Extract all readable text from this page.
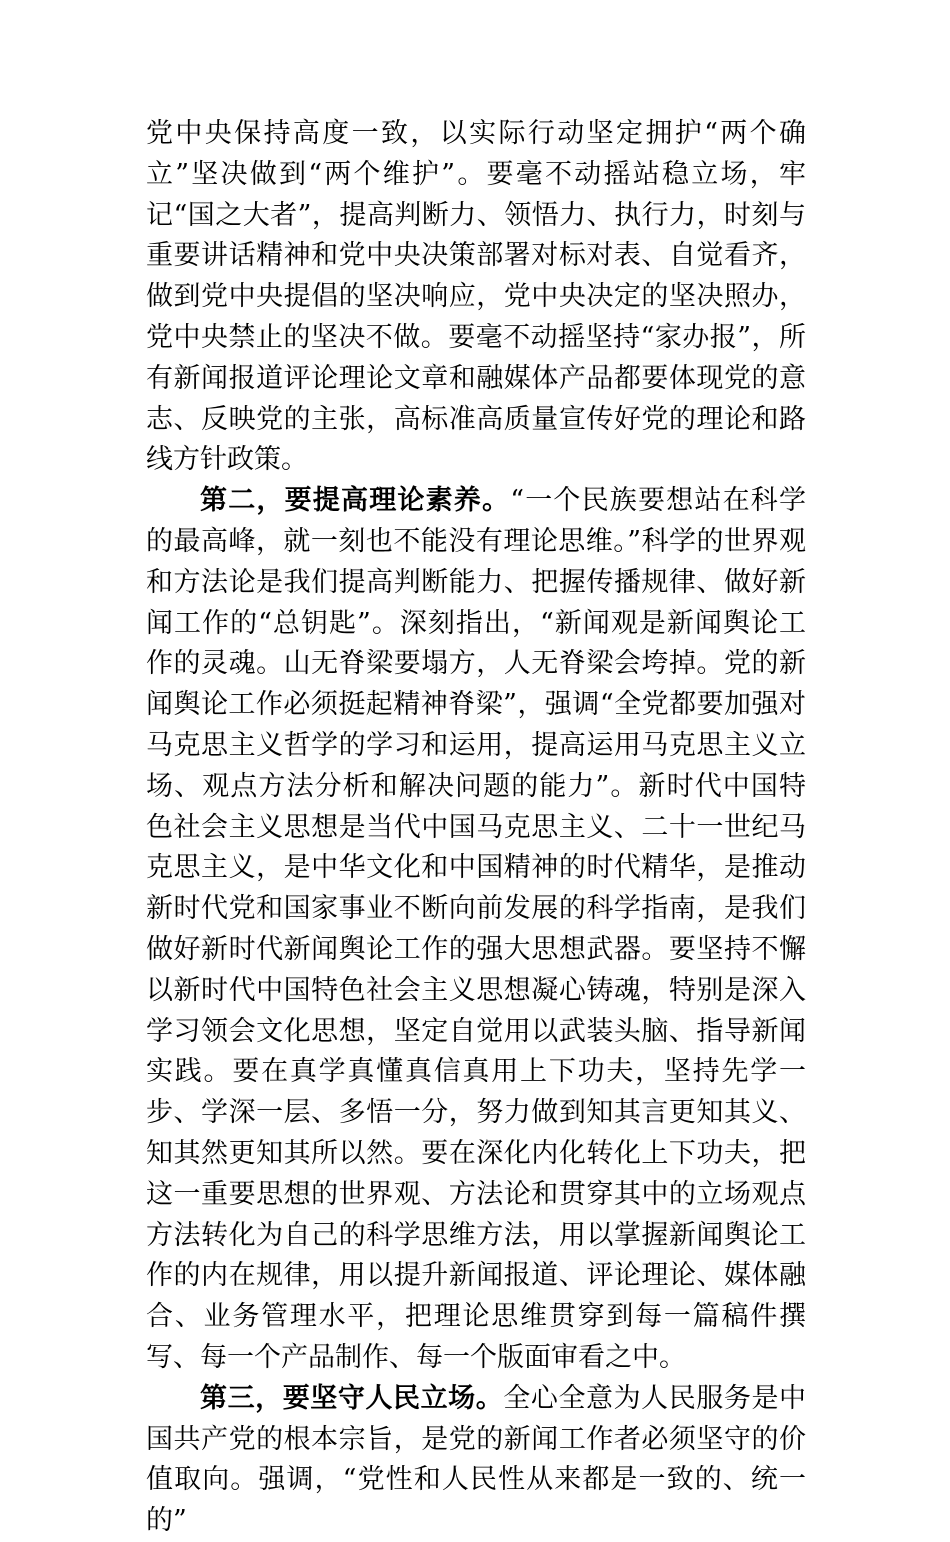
党中央保持高度一致，以实际行动坚定拥护“两个确立”坚决做到“两个维护”。要毫不动摇站稳立场，牢记“国之大者”，提高判断力、领悟力、执行力，时刻与重要讲话精神和党中央决策部署对标对表、自觉看齐，做到党中央提倡的坚决响应，党中央决定的坚决照办，党中央禁止的坚决不做。要毫不动摇坚持“家办报”，所有新闻报道评论理论文章和融媒体产品都要体现党的意志、反映党的主张，高标准高质量宣传好党的理论和路线方针政策。

第二，要提高理论素养。“一个民族要想站在科学的最高峰，就一刻也不能没有理论思维。”科学的世界观和方法论是我们提高判断能力、把握传播规律、做好新闻工作的“总钥匙”。深刻指出，“新闻观是新闻舆论工作的灵魂。山无脊梁要塌方，人无脊梁会垮掉。党的新闻舆论工作必须挺起精神脊梁”，强调“全党都要加强对马克思主义哲学的学习和运用，提高运用马克思主义立场、观点方法分析和解决问题的能力”。新时代中国特色社会主义思想是当代中国马克思主义、二十一世纪马克思主义，是中华文化和中国精神的时代精华，是推动新时代党和国家事业不断向前发展的科学指南，是我们做好新时代新闻舆论工作的强大思想武器。要坚持不懈以新时代中国特色社会主义思想凝心铸魂，特别是深入学习领会文化思想，坚定自觉用以武装头脑、指导新闻实践。要在真学真懂真信真用上下功夫，坚持先学一步、学深一层、多悟一分，努力做到知其言更知其义、知其然更知其所以然。要在深化内化转化上下功夫，把这一重要思想的世界观、方法论和贯穿其中的立场观点方法转化为自己的科学思维方法，用以掌握新闻舆论工作的内在规律，用以提升新闻报道、评论理论、媒体融合、业务管理水平，把理论思维贯穿到每一篇稿件撰写、每一个产品制作、每一个版面审看之中。

第三，要坚守人民立场。全心全意为人民服务是中国共产党的根本宗旨，是党的新闻工作者必须坚守的价值取向。强调，“党性和人民性从来都是一致的、统一的”
